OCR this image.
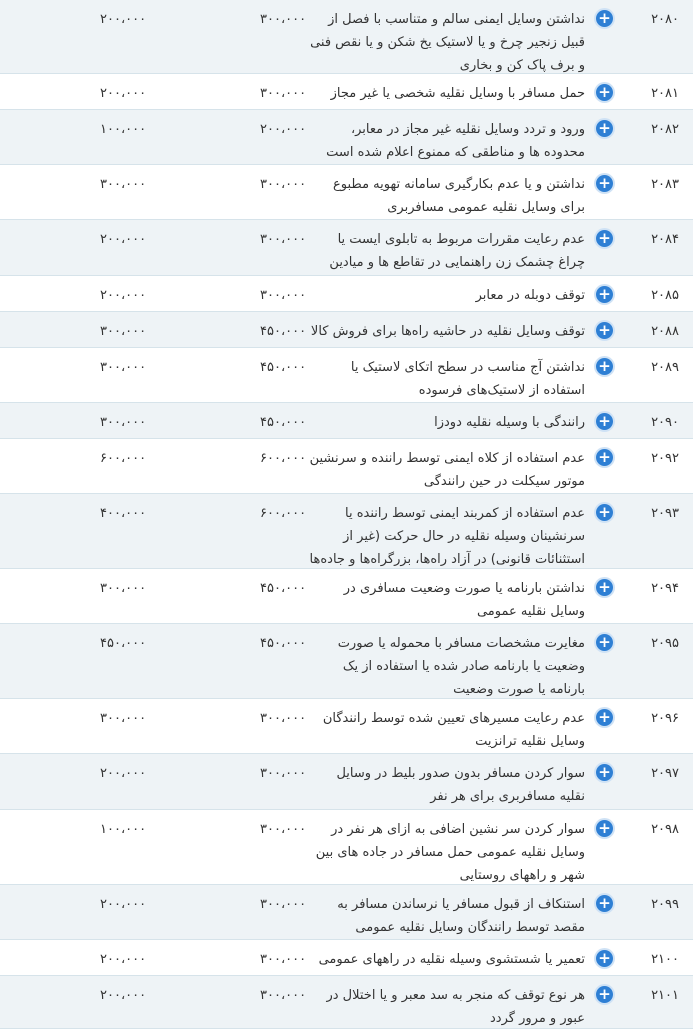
۲۰۸۰
+
نداشتن وسایل ایمنی سالم و متناسب با فصل از قبیل زنجیر چرخ و یا لاستیک یخ شکن و یا نقص فنی و برف پاک کن و بخاری
۳۰۰،۰۰۰
۲۰۰،۰۰۰
۲۰۸۱
+
حمل مسافر با وسایل نقلیه شخصی یا غیر مجاز
۳۰۰،۰۰۰
۲۰۰،۰۰۰
۲۰۸۲
+
ورود و تردد وسایل نقلیه غیر مجاز در معابر، محدوده ها و مناطقی که ممنوع اعلام شده است
۲۰۰،۰۰۰
۱۰۰،۰۰۰
۲۰۸۳
+
نداشتن و یا عدم بکارگیری سامانه تهویه مطبوع برای وسایل نقلیه عمومی مسافربری
۳۰۰،۰۰۰
۳۰۰،۰۰۰
۲۰۸۴
+
عدم رعایت مقررات مربوط به تابلوی ایست یا چراغ چشمک زن راهنمایی در تقاطع ها و میادین
۳۰۰،۰۰۰
۲۰۰،۰۰۰
۲۰۸۵
+
توقف دوبله در معابر
۳۰۰،۰۰۰
۲۰۰،۰۰۰
۲۰۸۸
+
توقف وسایل نقلیه در حاشیه راه‌ها برای فروش کالا
۴۵۰،۰۰۰
۳۰۰،۰۰۰
۲۰۸۹
+
نداشتن آج مناسب در سطح اتکای لاستیک یا استفاده از لاستیک‌های فرسوده
۴۵۰،۰۰۰
۳۰۰،۰۰۰
۲۰۹۰
+
رانندگی با وسیله نقلیه دودزا
۴۵۰،۰۰۰
۳۰۰،۰۰۰
۲۰۹۲
+
عدم استفاده از کلاه ایمنی توسط راننده و سرنشین موتور سیکلت در حین رانندگی
۶۰۰،۰۰۰
۶۰۰،۰۰۰
۲۰۹۳
+
عدم استفاده از کمربند ایمنی توسط راننده یا سرنشینان وسیله نقلیه در حال حرکت (غیر از استثنائات قانونی) در آزاد راه‌ها، بزرگراه‌ها و جاده‌ها
۶۰۰،۰۰۰
۴۰۰،۰۰۰
۲۰۹۴
+
نداشتن بارنامه یا صورت وضعیت مسافری در وسایل نقلیه عمومی
۴۵۰،۰۰۰
۳۰۰،۰۰۰
۲۰۹۵
+
مغایرت مشخصات مسافر با محموله یا صورت وضعیت یا بارنامه صادر شده یا استفاده از یک بارنامه یا صورت وضعیت
۴۵۰،۰۰۰
۴۵۰،۰۰۰
۲۰۹۶
+
عدم رعایت مسیرهای تعیین شده توسط رانندگان وسایل نقلیه ترانزیت
۳۰۰،۰۰۰
۳۰۰،۰۰۰
۲۰۹۷
+
سوار کردن مسافر بدون صدور بلیط در وسایل نقلیه مسافربری برای هر نفر
۳۰۰،۰۰۰
۲۰۰،۰۰۰
۲۰۹۸
+
سوار کردن سر نشین اضافی به ازای هر نفر در وسایل نقلیه عمومی حمل مسافر در جاده های بین شهر و راههای روستایی
۳۰۰،۰۰۰
۱۰۰،۰۰۰
۲۰۹۹
+
استنکاف از قبول مسافر یا نرساندن مسافر به مقصد توسط رانندگان وسایل نقلیه عمومی
۳۰۰،۰۰۰
۲۰۰،۰۰۰
۲۱۰۰
+
تعمیر یا شستشوی وسیله نقلیه در راههای عمومی
۳۰۰،۰۰۰
۲۰۰،۰۰۰
۲۱۰۱
+
هر نوع توقف که منجر به سد معبر و یا اختلال در عبور و مرور گردد
۳۰۰،۰۰۰
۲۰۰،۰۰۰
